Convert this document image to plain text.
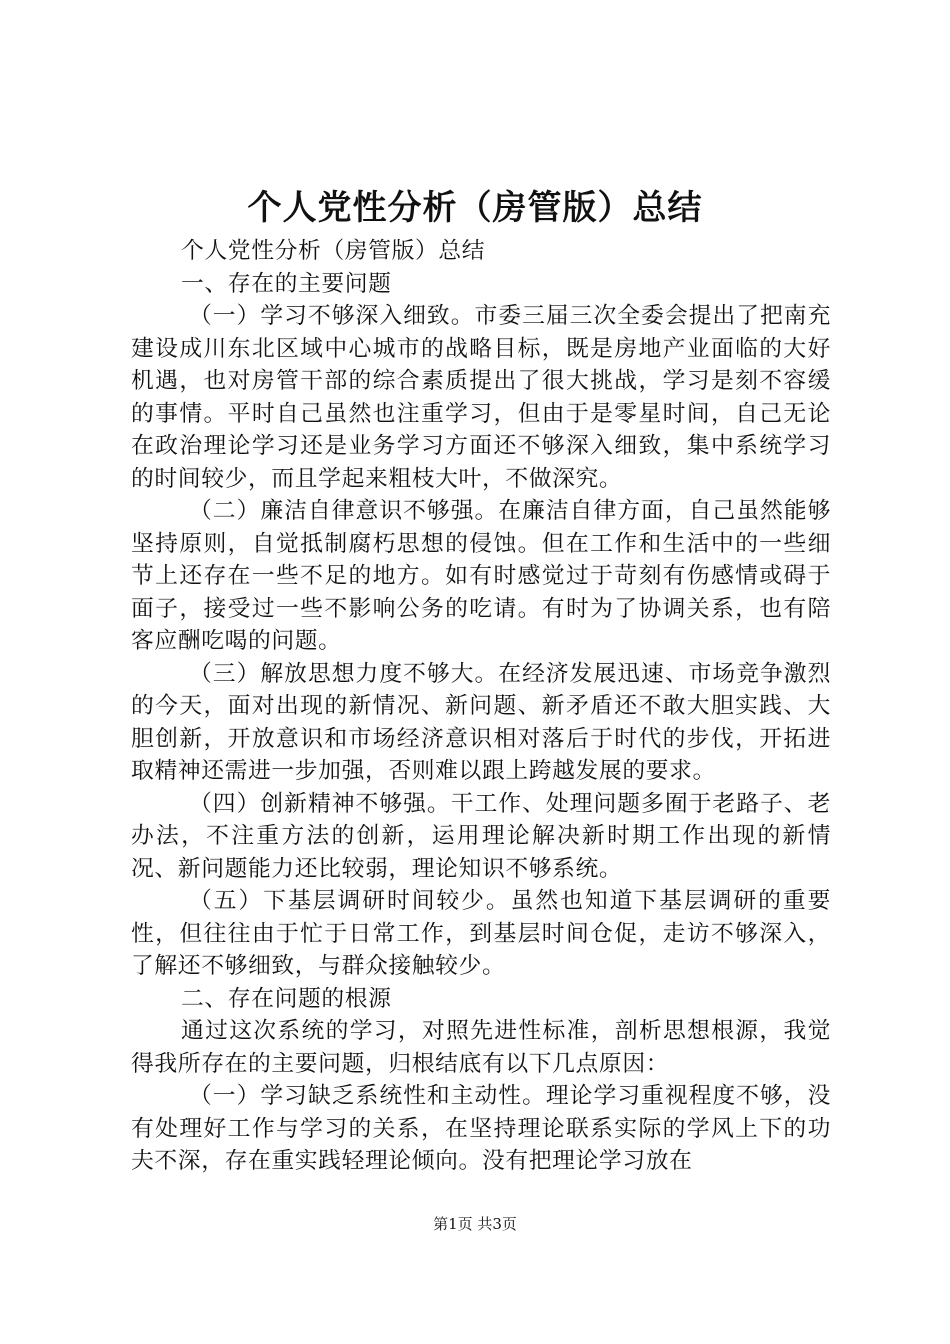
个人党性分析（房管版）总结

个人党性分析（房管版）总结

一、存在的主要问题

（一）学习不够深入细致。市委三届三次全委会提出了把南充建设成川东北区域中心城市的战略目标，既是房地产业面临的大好机遇，也对房管干部的综合素质提出了很大挑战，学习是刻不容缓的事情。平时自己虽然也注重学习，但由于是零星时间，自己无论在政治理论学习还是业务学习方面还不够深入细致，集中系统学习的时间较少，而且学起来粗枝大叶，不做深究。

（二）廉洁自律意识不够强。在廉洁自律方面，自己虽然能够坚持原则，自觉抵制腐朽思想的侵蚀。但在工作和生活中的一些细节上还存在一些不足的地方。如有时感觉过于苛刻有伤感情或碍于面子，接受过一些不影响公务的吃请。有时为了协调关系，也有陪客应酬吃喝的问题。

（三）解放思想力度不够大。在经济发展迅速、市场竞争激烈的今天，面对出现的新情况、新问题、新矛盾还不敢大胆实践、大胆创新，开放意识和市场经济意识相对落后于时代的步伐，开拓进取精神还需进一步加强，否则难以跟上跨越发展的要求。

（四）创新精神不够强。干工作、处理问题多囿于老路子、老办法，不注重方法的创新，运用理论解决新时期工作出现的新情况、新问题能力还比较弱，理论知识不够系统。

（五）下基层调研时间较少。虽然也知道下基层调研的重要性，但往往由于忙于日常工作，到基层时间仓促，走访不够深入，了解还不够细致，与群众接触较少。

二、存在问题的根源

通过这次系统的学习，对照先进性标准，剖析思想根源，我觉得我所存在的主要问题，归根结底有以下几点原因：

（一）学习缺乏系统性和主动性。理论学习重视程度不够，没有处理好工作与学习的关系，在坚持理论联系实际的学风上下的功夫不深，存在重实践轻理论倾向。没有把理论学习放在

第1页 共3页
